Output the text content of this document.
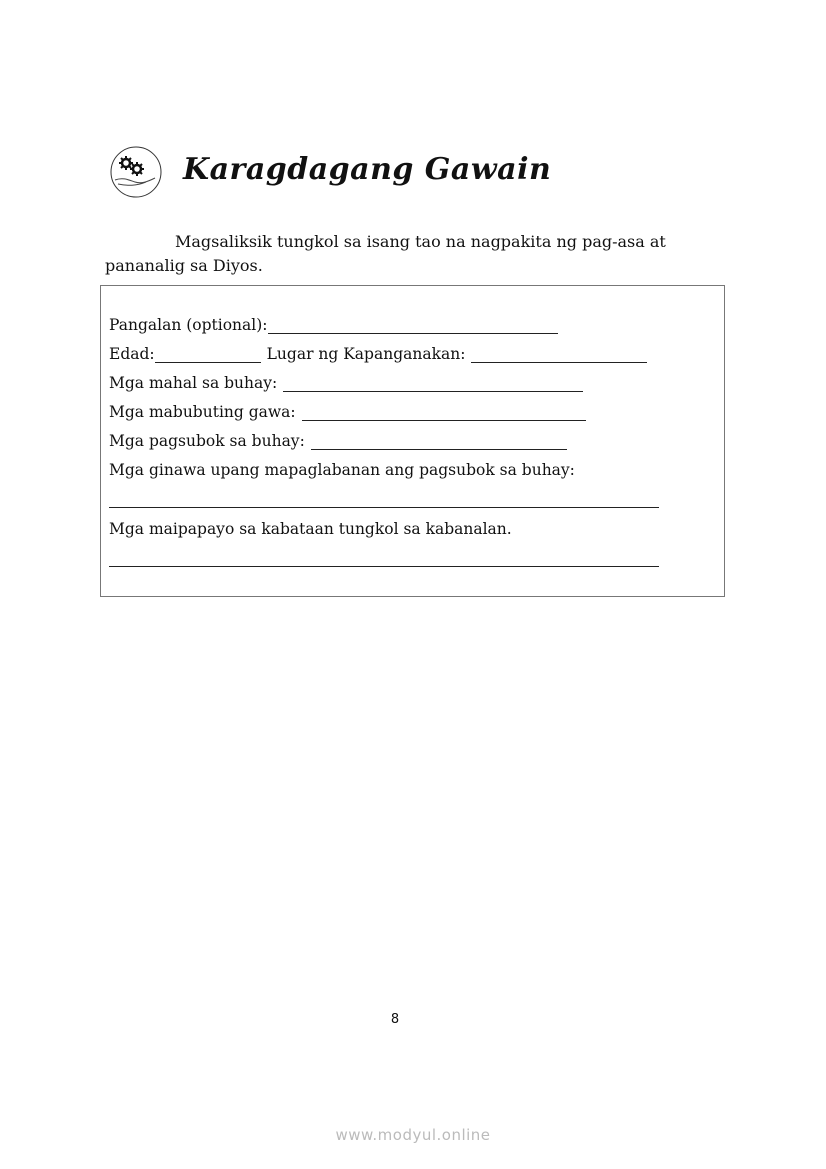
Karagdagang Gawain
Magsaliksik tungkol sa isang tao na nagpakita ng pag-asa at pananalig sa Diyos.
Pangalan (optional):
Edad:	Lugar ng Kapanganakan:
Mga mahal sa buhay:
Mga mabubuting gawa:
Mga pagsubok sa buhay:
Mga ginawa upang mapaglabanan ang pagsubok sa buhay:
Mga maipapayo sa kabataan tungkol sa kabanalan.
8
www.modyul.online
